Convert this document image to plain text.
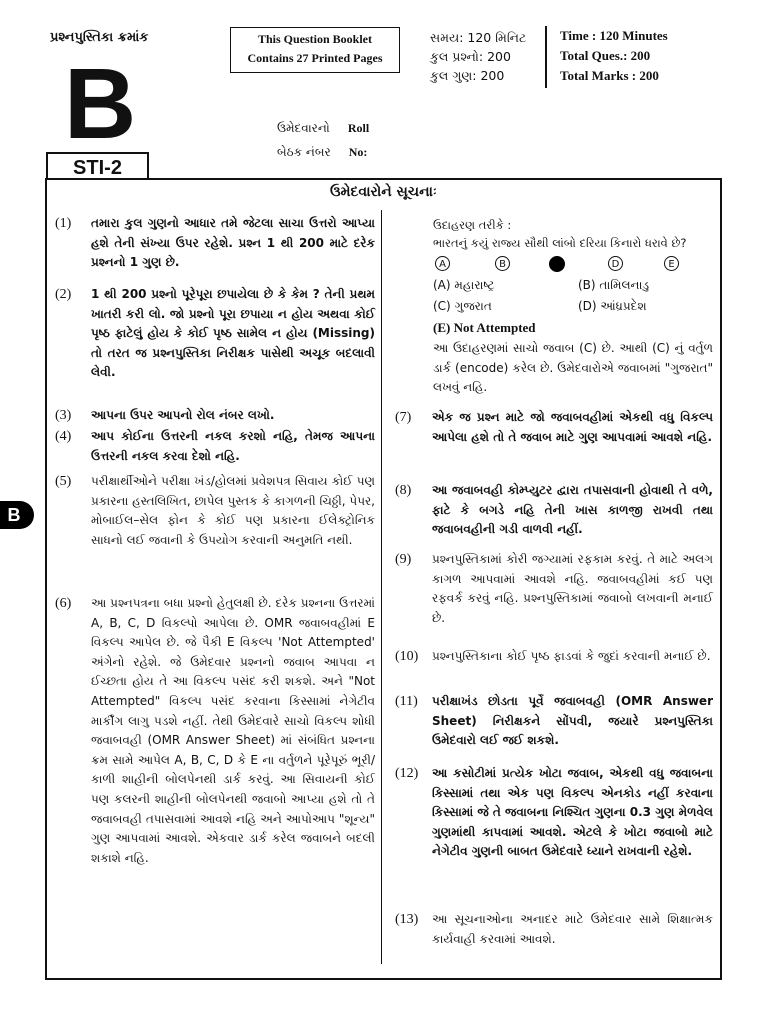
પ્રશ્નપુસ્તિકા ક્રમાંક
B
STI-2
This Question Booklet
Contains 27 Printed Pages
સમય: 120 મિનિટ
કુલ પ્રશ્નો: 200
કુલ ગુણ: 200
Time : 120 Minutes
Total Ques.: 200
Total Marks : 200
ઉમેદવારનો Roll
બેઠક નંબર No:
B
ઉમેદવારોને સૂચનાઃ
(1) તમારા કુલ ગુણનો આધાર તમે જેટલા સાચા ઉત્તરો આપ્યા હશે તેની સંખ્યા ઉપર રહેશે. પ્રશ્ન 1 થી 200 માટે દરેક પ્રશ્નનો 1 ગુણ છે.
(2) 1 થી 200 પ્રશ્નો પૂરેપૂરા છપાયેલા છે કે કેમ ? તેની પ્રથમ ખાતરી કરી લો. જો પ્રશ્નો પૂરા છપાયા ન હોય અથવા કોઈ પૃષ્ઠ ફાટેલું હોય કે કોઈ પૃષ્ઠ સામેલ ન હોય (Missing) તો તરત જ પ્રશ્નપુસ્તિકા નિરીક્ષક પાસેથી અચૂક બદલાવી લેવી.
(3) આપના ઉપર આપનો રોલ નંબર લખો.
(4) આપ કોઈના ઉત્તરની નકલ કરશો નહિ, તેમજ આપના ઉત્તરની નકલ કરવા દેશો નહિ.
(5) પરીક્ષાર્થીઓને પરીક્ષા ખંડ/હોલમાં પ્રવેશપત્ર સિવાય કોઈ પણ પ્રકારના હસ્તલિખિત, છાપેલ પુસ્તક કે કાગળની ચિઠ્ઠી, પેપર, મોબાઈલ–સેલ ફોન કે કોઈ પણ પ્રકારના ઈલેક્ટ્રોનિક સાધનો લઈ જવાની કે ઉપયોગ કરવાની અનુમતિ નથી.
(6) આ પ્રશ્નપત્રના બધા પ્રશ્નો હેતુલક્ષી છે. દરેક પ્રશ્નના ઉત્તરમાં A, B, C, D વિકલ્પો આપેલા છે. OMR જવાબવહીમાં E વિકલ્પ આપેલ છે. જે પૈકી E વિકલ્પ 'Not Attempted' અંગેનો રહેશે. જે ઉમેદવાર પ્રશ્નનો જવાબ આપવા ન ઈચ્છતા હોય તે આ વિકલ્પ પસંદ કરી શકશે. અને "Not Attempted" વિકલ્પ પસંદ કરવાના કિસ્સામાં નેગેટીવ માર્કીંગ લાગુ પડશે નહીં. તેથી ઉમેદવારે સાચો વિકલ્પ શોધી જવાબવહી (OMR Answer Sheet) માં સંબંધિત પ્રશ્નના ક્રમ સામે આપેલ A, B, C, D કે E ના વર્તુળને પૂરેપૂરું ભૂરી/કાળી શાહીની બોલપેનથી ડાર્ક કરવું. આ સિવાયની કોઈ પણ કલરની શાહીની બોલપેનથી જવાબો આપ્યા હશે તો તે જવાબવહી તપાસવામાં આવશે નહિ અને આપોઆપ "શૂન્ય" ગુણ આપવામાં આવશે. એકવાર ડાર્ક કરેલ જવાબને બદલી શકાશે નહિ.
ઉદાહરણ તરીકે :
ભારતનું કયું રાજ્ય સૌથી લાંબો દરિયા કિનારો ધરાવે છે?
A	B	D	E
(A) મહારાષ્ટ્ર	(B) તામિલનાડુ
(C) ગુજરાત	(D) આંધ્રપ્રદેશ
(E) Not Attempted
આ ઉદાહરણમાં સાચો જવાબ (C) છે. આથી (C) નું વર્તુળ ડાર્ક (encode) કરેલ છે. ઉમેદવારોએ જવાબમાં "ગુજરાત" લખવું નહિ.
(7) એક જ પ્રશ્ન માટે જો જવાબવહીમાં એકથી વધુ વિકલ્પ આપેલા હશે તો તે જવાબ માટે ગુણ આપવામાં આવશે નહિ.
(8) આ જવાબવહી કોમ્પ્યુટર દ્વારા તપાસવાની હોવાથી તે વળે, ફાટે કે બગડે નહિ તેની ખાસ કાળજી રાખવી તથા જવાબવહીની ગડી વાળવી નહીં.
(9) પ્રશ્નપુસ્તિકામાં કોરી જગ્યામાં રફકામ કરવું. તે માટે અલગ કાગળ આપવામાં આવશે નહિ. જવાબવહીમાં કઈ પણ રફવર્ક કરવું નહિ. પ્રશ્નપુસ્તિકામાં જવાબો લખવાની મનાઈ છે.
(10) પ્રશ્નપુસ્તિકાના કોઈ પૃષ્ઠ ફાડવાં કે જુદાં કરવાની મનાઈ છે.
(11) પરીક્ષાખંડ છોડતા પૂર્વે જવાબવહી (OMR Answer Sheet) નિરીક્ષકને સોંપવી, જયારે પ્રશ્નપુસ્તિકા ઉમેદવારો લઈ જઈ શકશે.
(12) આ કસોટીમાં પ્રત્યેક ખોટા જવાબ, એકથી વધુ જવાબના કિસ્સામાં તથા એક પણ વિકલ્પ એનકોડ નહીં કરવાના કિસ્સામાં જે તે જવાબના નિશ્ચિત ગુણના 0.3 ગુણ મેળવેલ ગુણમાંથી કાપવામાં આવશે. એટલે કે ખોટા જવાબો માટે નેગેટીવ ગુણની બાબત ઉમેદવારે ધ્યાને રાખવાની રહેશે.
(13) આ સૂચનાઓના અનાદર માટે ઉમેદવાર સામે શિક્ષાત્મક કાર્યવાહી કરવામાં આવશે.
